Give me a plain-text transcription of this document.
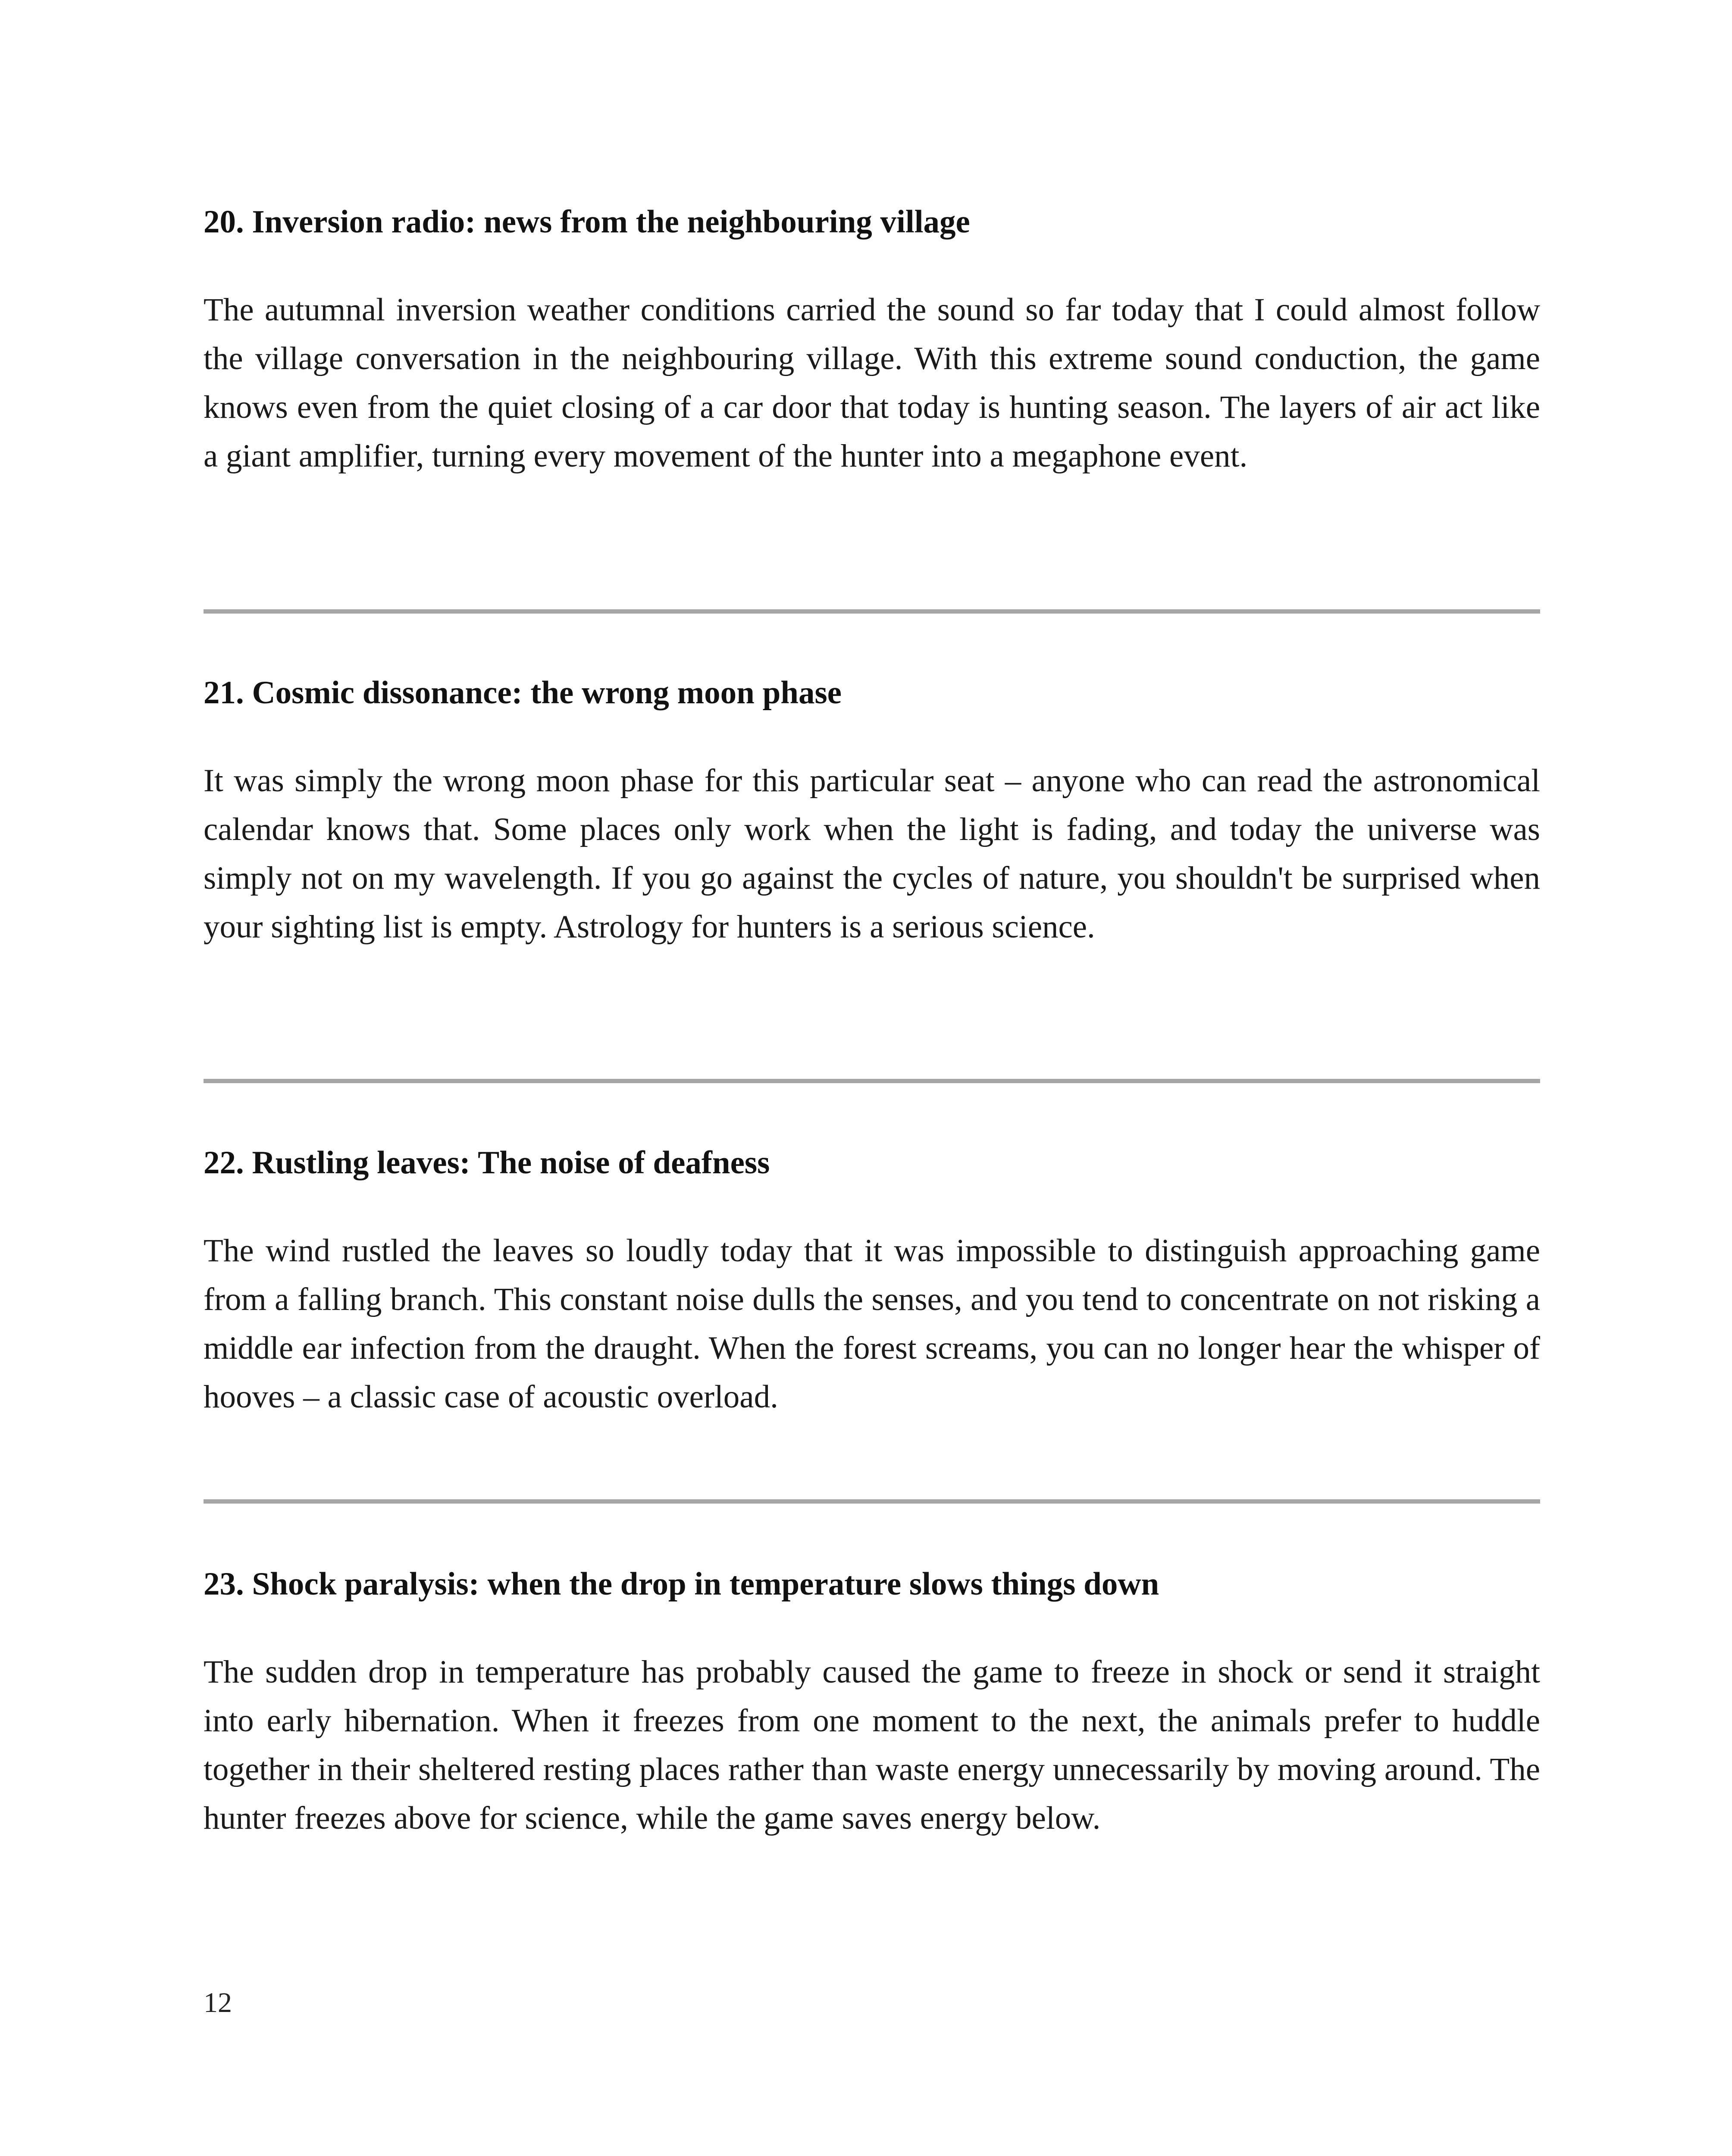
20. Inversion radio: news from the neighbouring village

The autumnal inversion weather conditions carried the sound so far today that I could almost follow the village conversation in the neighbouring village. With this extreme sound conduction, the game knows even from the quiet closing of a car door that today is hunting season. The layers of air act like a giant amplifier, turning every movement of the hunter into a megaphone event.

21. Cosmic dissonance: the wrong moon phase

It was simply the wrong moon phase for this particular seat – anyone who can read the astronomical calendar knows that. Some places only work when the light is fading, and today the universe was simply not on my wavelength. If you go against the cycles of nature, you shouldn't be surprised when your sighting list is empty. Astrology for hunters is a serious science.

22. Rustling leaves: The noise of deafness

The wind rustled the leaves so loudly today that it was impossible to distinguish approaching game from a falling branch. This constant noise dulls the senses, and you tend to concentrate on not risking a middle ear infection from the draught. When the forest screams, you can no longer hear the whisper of hooves – a classic case of acoustic overload.

23. Shock paralysis: when the drop in temperature slows things down

The sudden drop in temperature has probably caused the game to freeze in shock or send it straight into early hibernation. When it freezes from one moment to the next, the animals prefer to huddle together in their sheltered resting places rather than waste energy unnecessarily by moving around. The hunter freezes above for science, while the game saves energy below.

12
